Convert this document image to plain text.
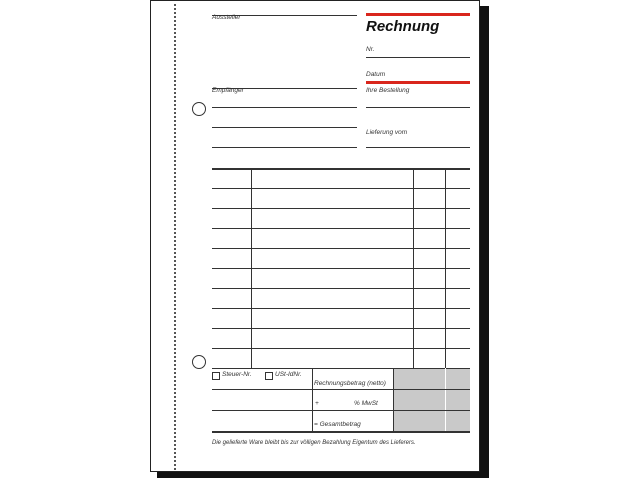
Aussteller
Rechnung
Nr.
Datum
Empfänger	Ihre Bestellung
Lieferung vom
Steuer-Nr.	USt-IdNr.
Rechnungsbetrag (netto)
+	% MwSt
= Gesamtbetrag
Die gelieferte Ware bleibt bis zur völligen Bezahlung Eigentum des Lieferers.
